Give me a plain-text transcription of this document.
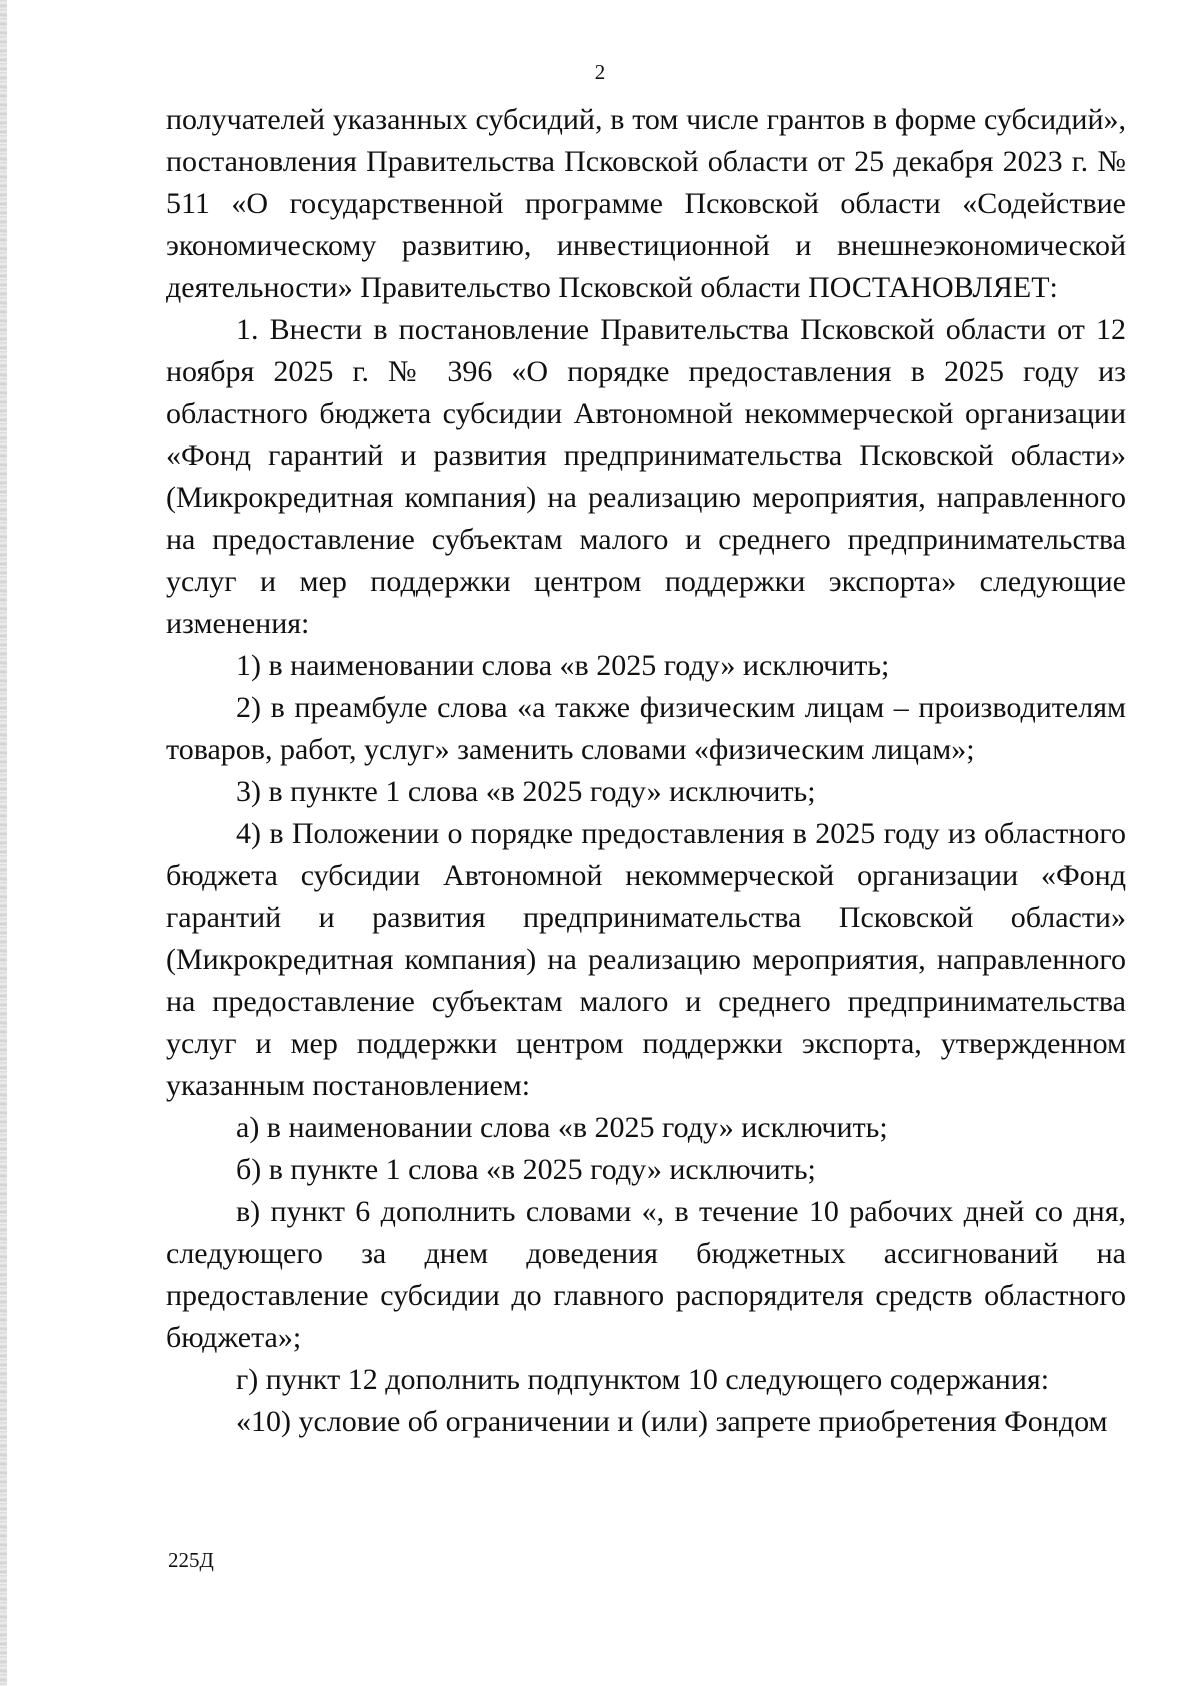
2

получателей указанных субсидий, в том числе грантов в форме субсидий», постановления Правительства Псковской области от 25 декабря 2023 г. № 511 «О государственной программе Псковской области «Содействие экономическому развитию, инвестиционной и внешнеэкономической деятельности» Правительство Псковской области ПОСТАНОВЛЯЕТ:

1. Внести в постановление Правительства Псковской области от 12 ноября 2025 г. № 396 «О порядке предоставления в 2025 году из областного бюджета субсидии Автономной некоммерческой организации «Фонд гарантий и развития предпринимательства Псковской области» (Микрокредитная компания) на реализацию мероприятия, направленного на предоставление субъектам малого и среднего предпринимательства услуг и мер поддержки центром поддержки экспорта» следующие изменения:

1) в наименовании слова «в 2025 году» исключить;

2) в преамбуле слова «а также физическим лицам – производителям товаров, работ, услуг» заменить словами «физическим лицам»;

3) в пункте 1 слова «в 2025 году» исключить;

4) в Положении о порядке предоставления в 2025 году из областного бюджета субсидии Автономной некоммерческой организации «Фонд гарантий и развития предпринимательства Псковской области» (Микрокредитная компания) на реализацию мероприятия, направленного на предоставление субъектам малого и среднего предпринимательства услуг и мер поддержки центром поддержки экспорта, утвержденном указанным постановлением:

а) в наименовании слова «в 2025 году» исключить;

б) в пункте 1 слова «в 2025 году» исключить;

в) пункт 6 дополнить словами «, в течение 10 рабочих дней со дня, следующего за днем доведения бюджетных ассигнований на предоставление субсидии до главного распорядителя средств областного бюджета»;

г) пункт 12 дополнить подпунктом 10 следующего содержания:

«10) условие об ограничении и (или) запрете приобретения Фондом

225Д
